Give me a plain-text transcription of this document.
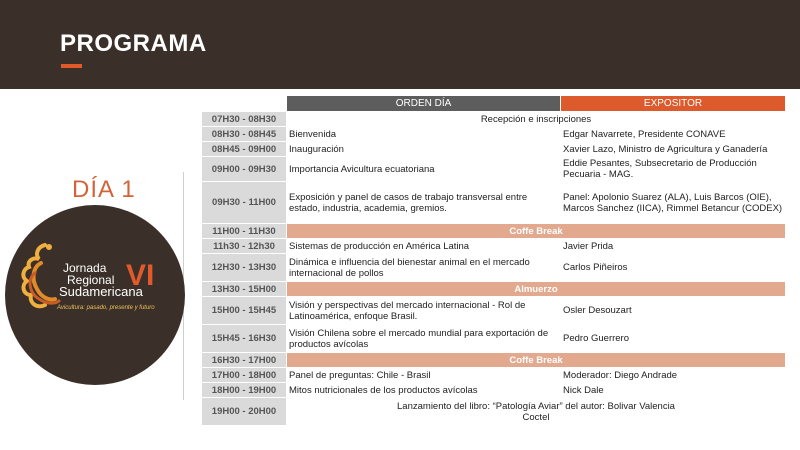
PROGRAMA
DÍA 1
Jornada
Regional
Sudamericana
VI
Avicultura: pasado, presente y futuro
	ORDEN DÍA	EXPOSITOR
07H30 - 08H30	Recepción e inscripciones	
08H30 - 08H45	Bienvenida	Edgar Navarrete, Presidente CONAVE
08H45 - 09H00	Inauguración	Xavier Lazo, Ministro de Agricultura y Ganadería
09H00 - 09H30	Importancia Avicultura ecuatoriana	Eddie Pesantes, Subsecretario de Producción Pecuaria - MAG.
09H30 - 11H00	Exposición y panel de casos de trabajo transversal entre estado, industria, academia, gremios.	Panel: Apolonio Suarez (ALA), Luis Barcos (OIE), Marcos Sanchez (IICA), Rimmel Betancur (CODEX)
11H00 - 11H30	Coffe Break	
11h30 - 12h30	Sistemas de producción en América Latina	Javier Prida
12H30 - 13H30	Dinámica e influencia del bienestar animal en el mercado internacional de pollos	Carlos Piñeiros
13H30 - 15H00	Almuerzo	
15H00 - 15H45	Visión y perspectivas del mercado internacional - Rol de Latinoamérica, enfoque Brasil.	Osler Desouzart
15H45 - 16H30	Visión Chilena sobre el mercado mundial para exportación de productos avícolas	Pedro Guerrero
16H30 - 17H00	Coffe Break	
17H00 - 18H00	Panel de preguntas: Chile - Brasil	Moderador: Diego Andrade
18H00 - 19H00	Mitos nutricionales de los productos avícolas	Nick Dale
19H00 - 20H00	Lanzamiento del libro: “Patología Aviar” del autor: Bolivar Valencia
Coctel	
